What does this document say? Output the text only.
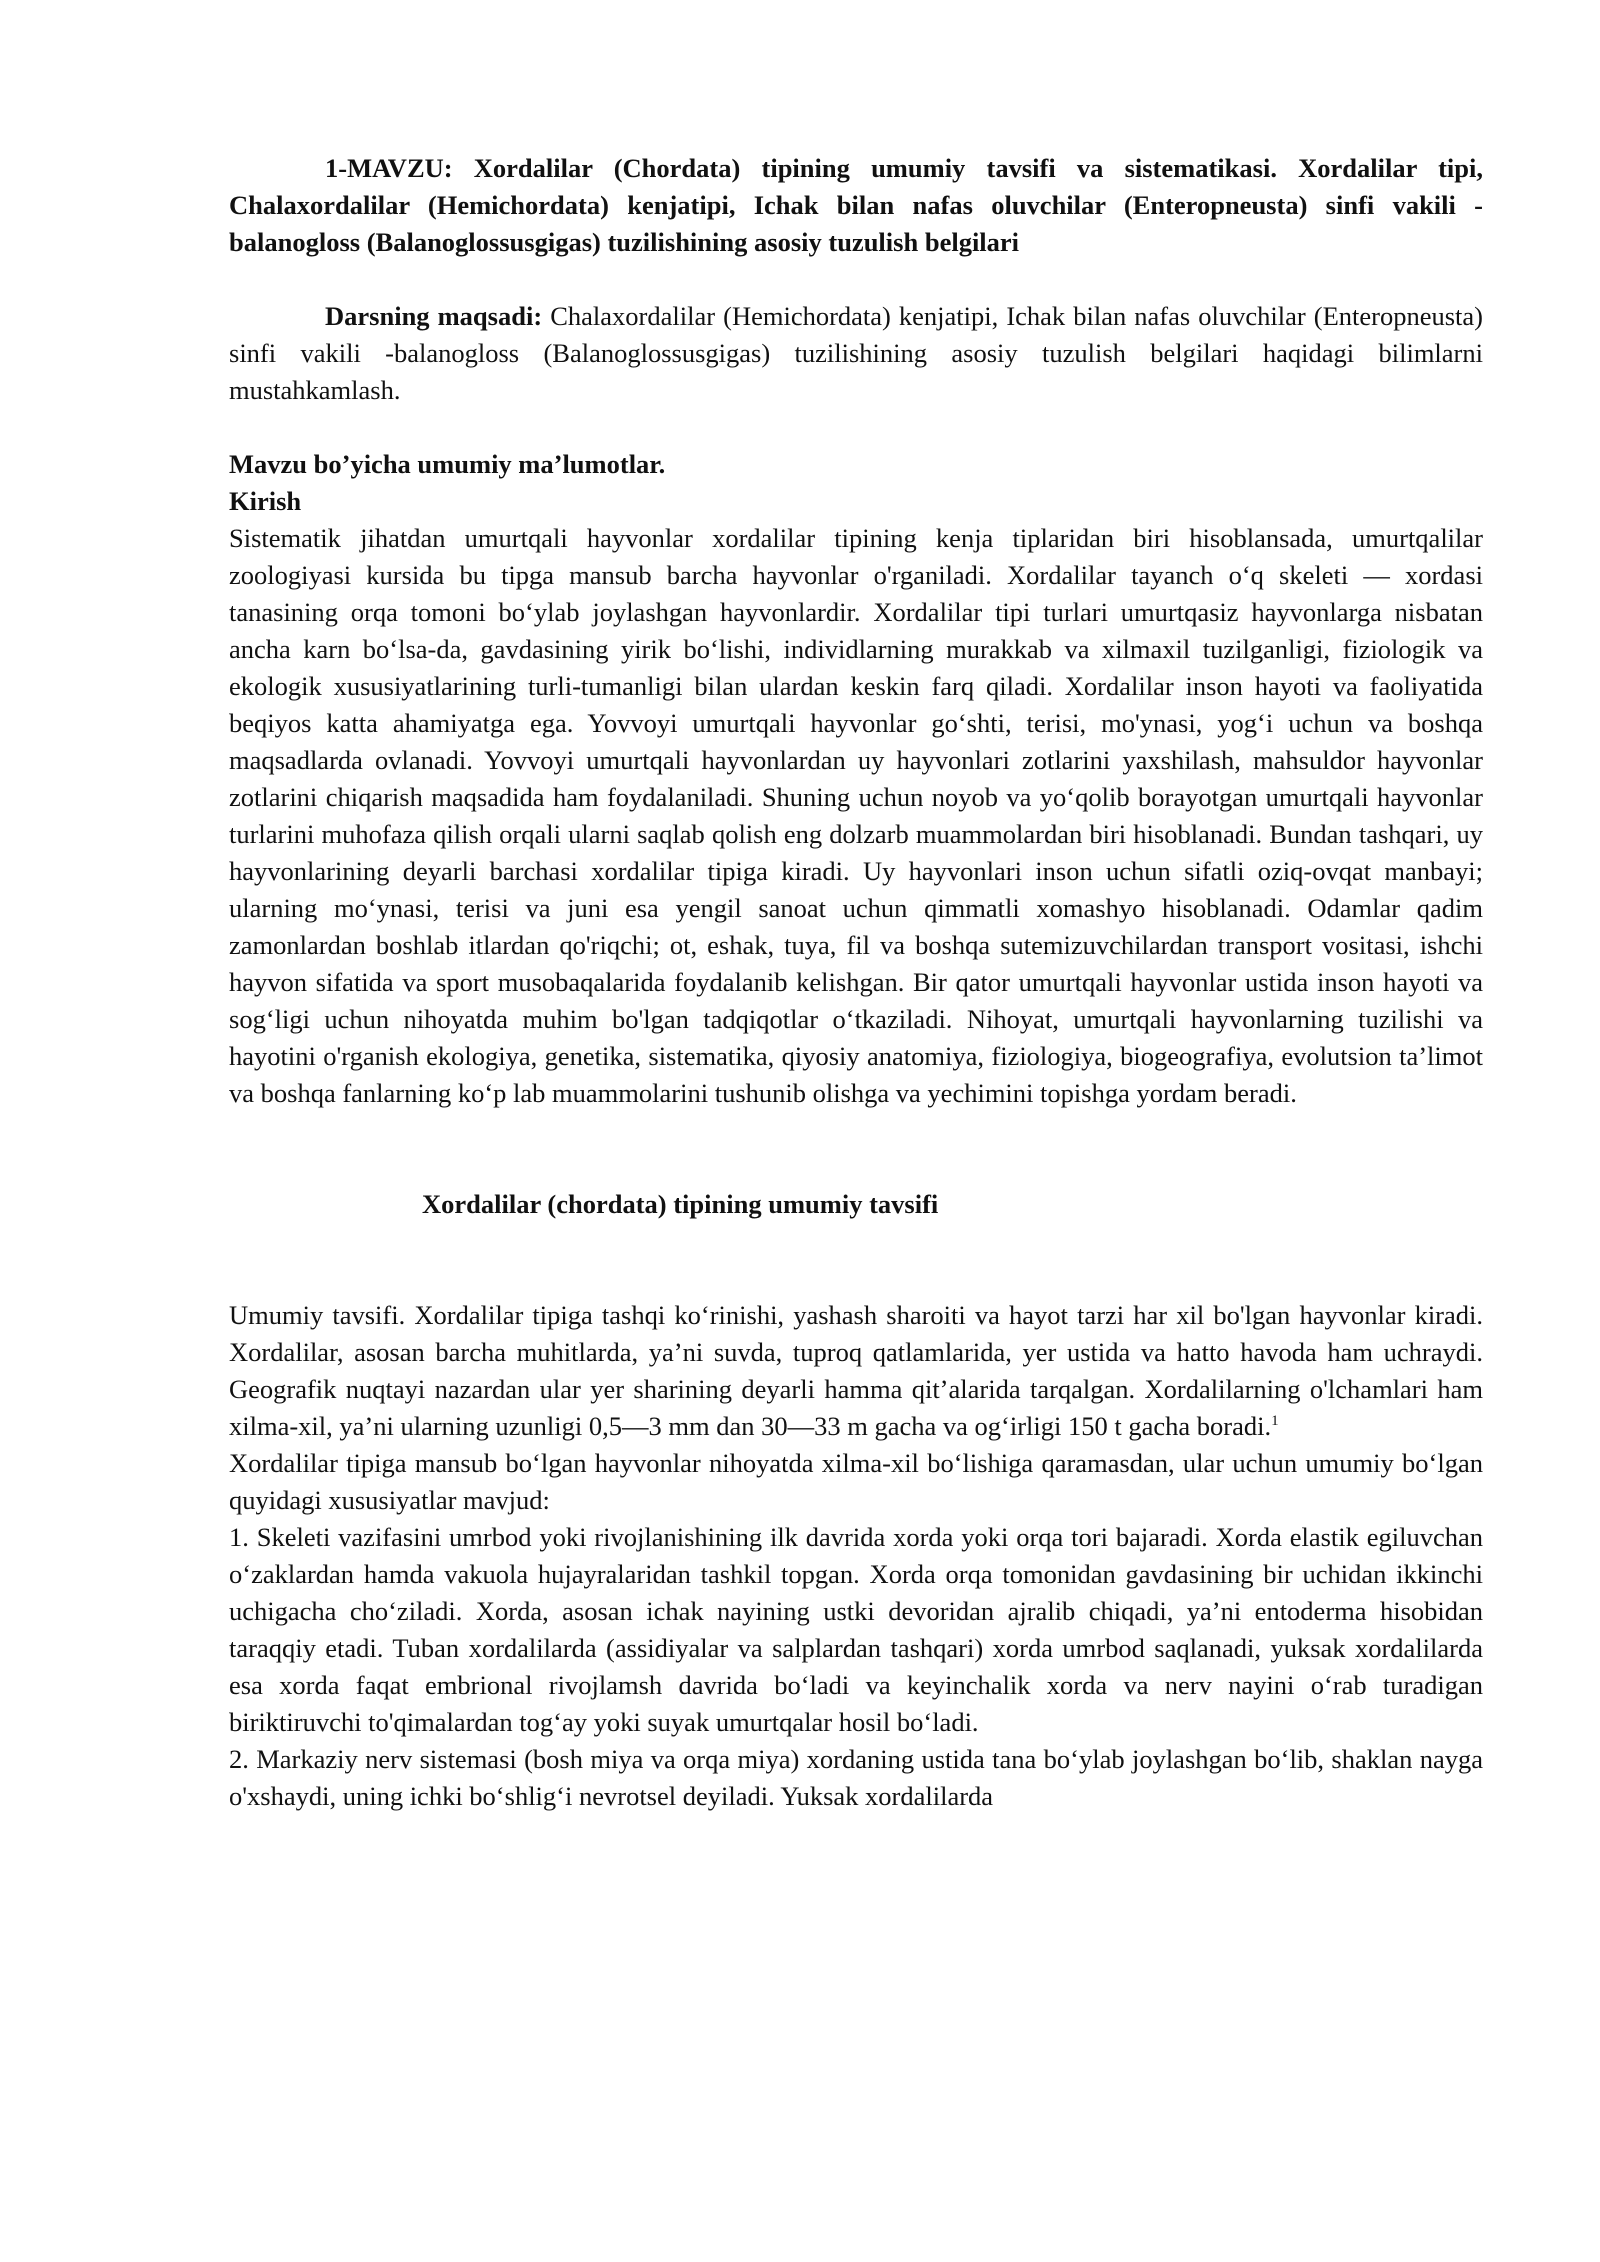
1-MAVZU: Xordalilar (Chordata) tipining umumiy tavsifi va sistematikasi. Xordalilar tipi, Chalaxordalilar (Hemichordata) kenjatipi, Ichak bilan nafas oluvchilar (Enteropneusta) sinfi vakili -balanogloss (Balanoglossusgigas) tuzilishining asosiy tuzulish belgilari

Darsning maqsadi: Chalaxordalilar (Hemichordata) kenjatipi, Ichak bilan nafas oluvchilar (Enteropneusta) sinfi vakili -balanogloss (Balanoglossusgigas) tuzilishining asosiy tuzulish belgilari haqidagi bilimlarni mustahkamlash.

Mavzu bo’yicha umumiy ma’lumotlar.

Kirish

Sistematik jihatdan umurtqali hayvonlar xordalilar tipining kenja tiplaridan biri hisoblansada, umurtqalilar zoologiyasi kursida bu tipga mansub barcha hayvonlar o'rganiladi. Xordalilar tayanch o‘q skeleti — xordasi tanasining orqa tomoni bo‘ylab joylashgan hayvonlardir. Xordalilar tipi turlari umurtqasiz hayvonlarga nisbatan ancha karn bo‘lsa-da, gavdasining yirik bo‘lishi, individlarning murakkab va xilmaxil tuzilganligi, fiziologik va ekologik xususiyatlarining turli-tumanligi bilan ulardan keskin farq qiladi. Xordalilar inson hayoti va faoliyatida beqiyos katta ahamiyatga ega. Yovvoyi umurtqali hayvonlar go‘shti, terisi, mo'ynasi, yog‘i uchun va boshqa maqsadlarda ovlanadi. Yovvoyi umurtqali hayvonlardan uy hayvonlari zotlarini yaxshilash, mahsuldor hayvonlar zotlarini chiqarish maqsadida ham foydalaniladi. Shuning uchun noyob va yo‘qolib borayotgan umurtqali hayvonlar turlarini muhofaza qilish orqali ularni saqlab qolish eng dolzarb muammolardan biri hisoblanadi. Bundan tashqari, uy hayvonlarining deyarli barchasi xordalilar tipiga kiradi. Uy hayvonlari inson uchun sifatli oziq-ovqat manbayi; ularning mo‘ynasi, terisi va juni esa yengil sanoat uchun qimmatli xomashyo hisoblanadi. Odamlar qadim zamonlardan boshlab itlardan qo'riqchi; ot, eshak, tuya, fil va boshqa sutemizuvchilardan transport vositasi, ishchi hayvon sifatida va sport musobaqalarida foydalanib kelishgan. Bir qator umurtqali hayvonlar ustida inson hayoti va sog‘ligi uchun nihoyatda muhim bo'lgan tadqiqotlar o‘tkaziladi. Nihoyat, umurtqali hayvonlarning tuzilishi va hayotini o'rganish ekologiya, genetika, sistematika, qiyosiy anatomiya, fiziologiya, biogeografiya, evolutsion ta’limot va boshqa fanlarning ko‘p lab muammolarini tushunib olishga va yechimini topishga yordam beradi.

Xordalilar (chordata) tipining umumiy tavsifi

Umumiy tavsifi. Xordalilar tipiga tashqi ko‘rinishi, yashash sharoiti va hayot tarzi har xil bo'lgan hayvonlar kiradi. Xordalilar, asosan barcha muhitlarda, ya’ni suvda, tuproq qatlamlarida, yer ustida va hatto havoda ham uchraydi. Geografik nuqtayi nazardan ular yer sharining deyarli hamma qit’alarida tarqalgan. Xordalilarning o'lchamlari ham xilma-xil, ya’ni ularning uzunligi 0,5—3 mm dan 30—33 m gacha va og‘irligi 150 t gacha boradi.$^1$

Xordalilar tipiga mansub bo‘lgan hayvonlar nihoyatda xilma-xil bo‘lishiga qaramasdan, ular uchun umumiy bo‘lgan quyidagi xususiyatlar mavjud:

1. Skeleti vazifasini umrbod yoki rivojlanishining ilk davrida xorda yoki orqa tori bajaradi. Xorda elastik egiluvchan o‘zaklardan hamda vakuola hujayralaridan tashkil topgan. Xorda orqa tomonidan gavdasining bir uchidan ikkinchi uchigacha cho‘ziladi. Xorda, asosan ichak nayining ustki devoridan ajralib chiqadi, ya’ni entoderma hisobidan taraqqiy etadi. Tuban xordalilarda (assidiyalar va salplardan tashqari) xorda umrbod saqlanadi, yuksak xordalilarda esa xorda faqat embrional rivojlamsh davrida bo‘ladi va keyinchalik xorda va nerv nayini o‘rab turadigan biriktiruvchi to'qimalardan tog‘ay yoki suyak umurtqalar hosil bo‘ladi.

2. Markaziy nerv sistemasi (bosh miya va orqa miya) xordaning ustida tana bo‘ylab joylashgan bo‘lib, shaklan nayga o'xshaydi, uning ichki bo‘shlig‘i nevrotsel deyiladi. Yuksak xordalilarda
